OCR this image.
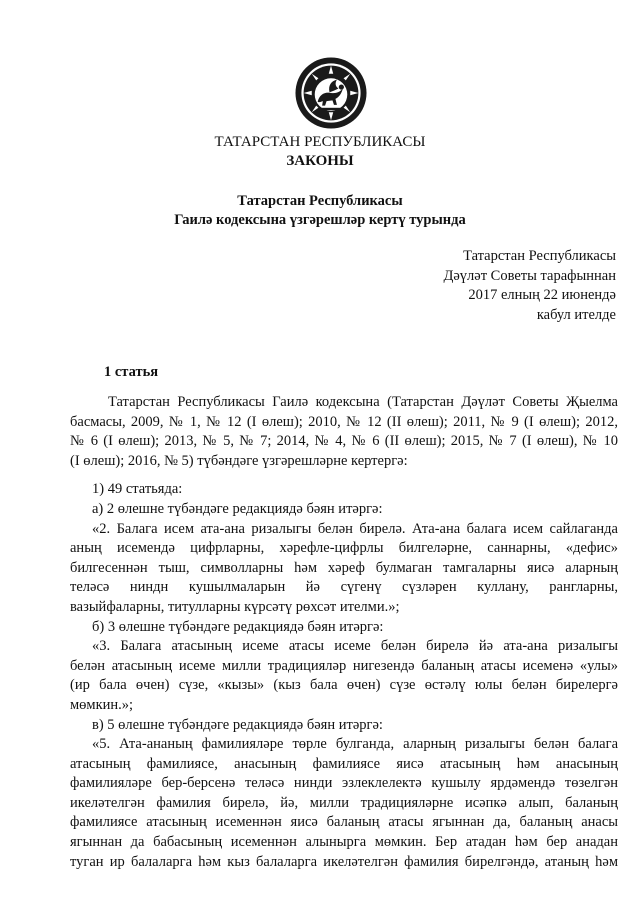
ТАТАРСТАН РЕСПУБЛИКАСЫ
ЗАКОНЫ
Татарстан Республикасы
Гаилә кодексына үзгәрешләр кертү турында
Татарстан Республикасы
Дәүләт Советы тарафыннан
2017 елның 22 июнендә
кабул ителде
1 статья
Татарстан Республикасы Гаилә кодексына (Татарстан Дәүләт Советы Җыелма
басмасы, 2009, № 1, № 12 (I өлеш); 2010, № 12 (II өлеш); 2011, № 9 (I өлеш); 2012,
№ 6 (I өлеш); 2013, № 5, № 7; 2014, № 4, № 6 (II өлеш); 2015, № 7 (I өлеш), № 10
(I өлеш); 2016, № 5) түбәндәге үзгәрешләрне кертергә:
1) 49 статьяда:
а) 2 өлешне түбәндәге редакциядә бәян итәргә:
«2. Балага исем ата-ана ризалыгы белән бирелә. Ата-ана балага исем сайлаганда
аның исемендә цифрларны, хәрефле-цифрлы билгеләрне, саннарны, «дефис»
билгесеннән тыш, символларны һәм хәреф булмаган тамгаларны яисә аларның
теләсә ниндн кушылмаларын йә сүгенү сүзләрен куллану, рангларны,
вазыйфаларны, титулларны күрсәтү рөхсәт ителми.»;
б) 3 өлешне түбәндәге редакциядә бәян итәргә:
«3. Балага атасының исеме атасы исеме белән бирелә йә ата-ана ризалыгы
белән атасының исеме милли традицияләр нигезендә баланың атасы исеменә «улы»
(ир бала өчен) сүзе, «кызы» (кыз бала өчен) сүзе өстәлү юлы белән бирелергә
мөмкин.»;
в) 5 өлешне түбәндәге редакциядә бәян итәргә:
«5. Ата-ананың фамилияләре төрле булганда, аларның ризалыгы белән балага
атасының фамилиясе, анасының фамилиясе яисә атасының һәм анасының
фамилияләре бер-берсенә теләсә нинди эзлеклелектә кушылу ярдәмендә төзелгән
икеләтелгән фамилия бирелә, йә, милли традицияләрне исәпкә алып, баланың
фамилиясе атасының исеменнән яисә баланың атасы ягыннан да, баланың анасы
ягыннан да бабасының исеменнән алынырга мөмкин. Бер атадан һәм бер анадан
туган ир балаларга һәм кыз балаларга икеләтелгән фамилия бирелгәндә, атаның һәм
